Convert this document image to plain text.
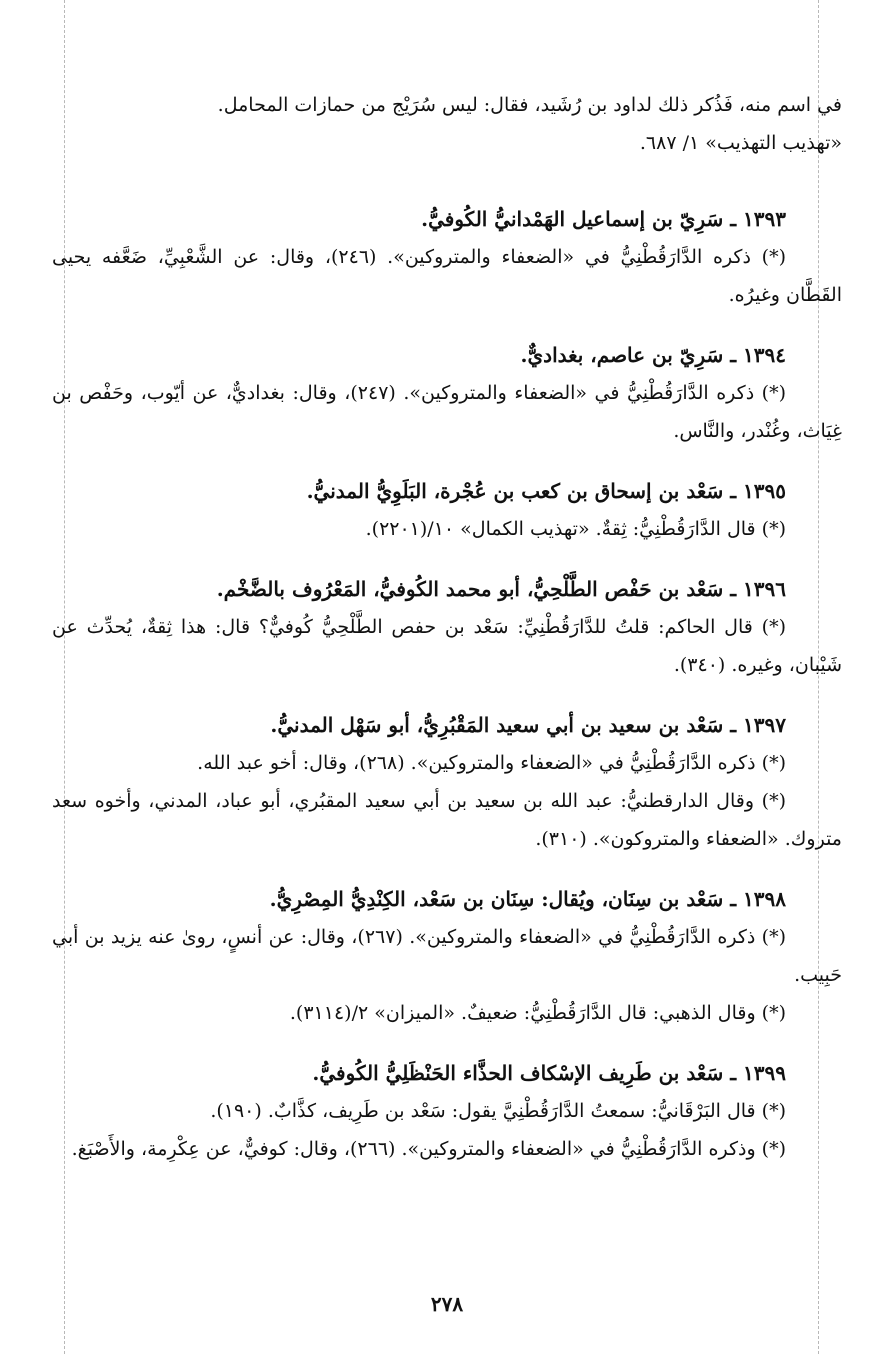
في اسم منه، فَذُكر ذلك لداود بن رُشَيد، فقال: ليس سُرَيْج من حمازات المحامل.

«تهذيب التهذيب» ١/ ٦٨٧.

١٣٩٣ ـ سَرِيّ بن إسماعيل الهَمْدانيُّ الكُوفيُّ.

(*) ذكره الدَّارَقُطْنِيُّ في «الضعفاء والمتروكين». (٢٤٦)، وقال: عن الشَّعْبِيِّ، ضَعَّفه يحيى القَطَّان وغيرُه.

١٣٩٤ ـ سَرِيّ بن عاصم، بغداديٌّ.

(*) ذكره الدَّارَقُطْنِيُّ في «الضعفاء والمتروكين». (٢٤٧)، وقال: بغداديٌّ، عن أيّوب، وحَفْص بن غِيَاث، وغُنْدر، والنَّاس.

١٣٩٥ ـ سَعْد بن إسحاق بن كعب بن عُجْرة، البَلَوِيُّ المدنيُّ.

(*) قال الدَّارَقُطْنِيُّ: ثِقةٌ. «تهذيب الكمال» ١٠/(٢٢٠١).

١٣٩٦ ـ سَعْد بن حَفْص الطَّلْحِيُّ، أبو محمد الكُوفيُّ، المَعْرُوف بالضَّخْم.

(*) قال الحاكم: قلتُ للدَّارَقُطْنِيِّ: سَعْد بن حفص الطَّلْحِيُّ كُوفيٌّ؟ قال: هذا ثِقةٌ، يُحدِّث عن شَيْبان، وغيره. (٣٤٠).

١٣٩٧ ـ سَعْد بن سعيد بن أبي سعيد المَقْبُرِيُّ، أبو سَهْل المدنيُّ.

(*) ذكره الدَّارَقُطْنِيُّ في «الضعفاء والمتروكين». (٢٦٨)، وقال: أخو عبد الله.

(*) وقال الدارقطنيُّ: عبد الله بن سعيد بن أبي سعيد المقبُري، أبو عباد، المدني، وأخوه سعد متروك. «الضعفاء والمتروكون». (٣١٠).

١٣٩٨ ـ سَعْد بن سِنَان، ويُقال: سِنَان بن سَعْد، الكِنْدِيُّ المِصْرِيُّ.

(*) ذكره الدَّارَقُطْنِيُّ في «الضعفاء والمتروكين». (٢٦٧)، وقال: عن أنسٍ، روىٰ عنه يزيد بن أبي حَبِيب.

(*) وقال الذهبي: قال الدَّارَقُطْنِيُّ: ضعيفٌ. «الميزان» ٢/(٣١١٤).

١٣٩٩ ـ سَعْد بن طَرِيف الإسْكاف الحذَّاء الحَنْظَلِيُّ الكُوفيُّ.

(*) قال البَرْقَانيُّ: سمعتُ الدَّارَقُطْنِيَّ يقول: سَعْد بن طَرِيف، كذَّابٌ. (١٩٠).

(*) وذكره الدَّارَقُطْنِيُّ في «الضعفاء والمتروكين». (٢٦٦)، وقال: كوفيٌّ، عن عِكْرِمة، والأَصْبَغ.

٢٧٨
